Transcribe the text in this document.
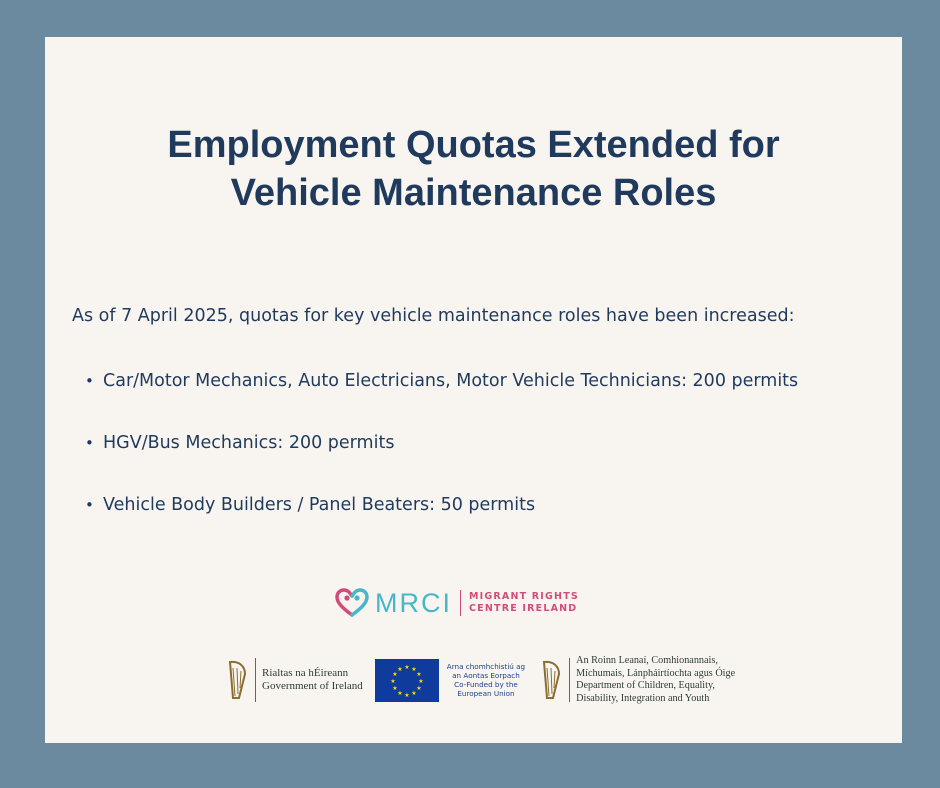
Employment Quotas Extended for
Vehicle Maintenance Roles

As of 7 April 2025, quotas for key vehicle maintenance roles have been increased:

• Car/Motor Mechanics, Auto Electricians, Motor Vehicle Technicians: 200 permits
• HGV/Bus Mechanics: 200 permits
• Vehicle Body Builders / Panel Beaters: 50 permits
MRCI MIGRANT RIGHTS
CENTRE IRELAND
Rialtas na hÉireann
Government of Ireland
★ ★
★
★
★
★
★
★
★
★
★
★	Arna chomhchistiú ag
an Aontas Eorpach
Co-Funded by the
European Union
An Roinn Leanaí, Comhionannais,
Míchumais, Lánpháirtíochta agus Óige
Department of Children, Equality,
Disability, Integration and Youth
